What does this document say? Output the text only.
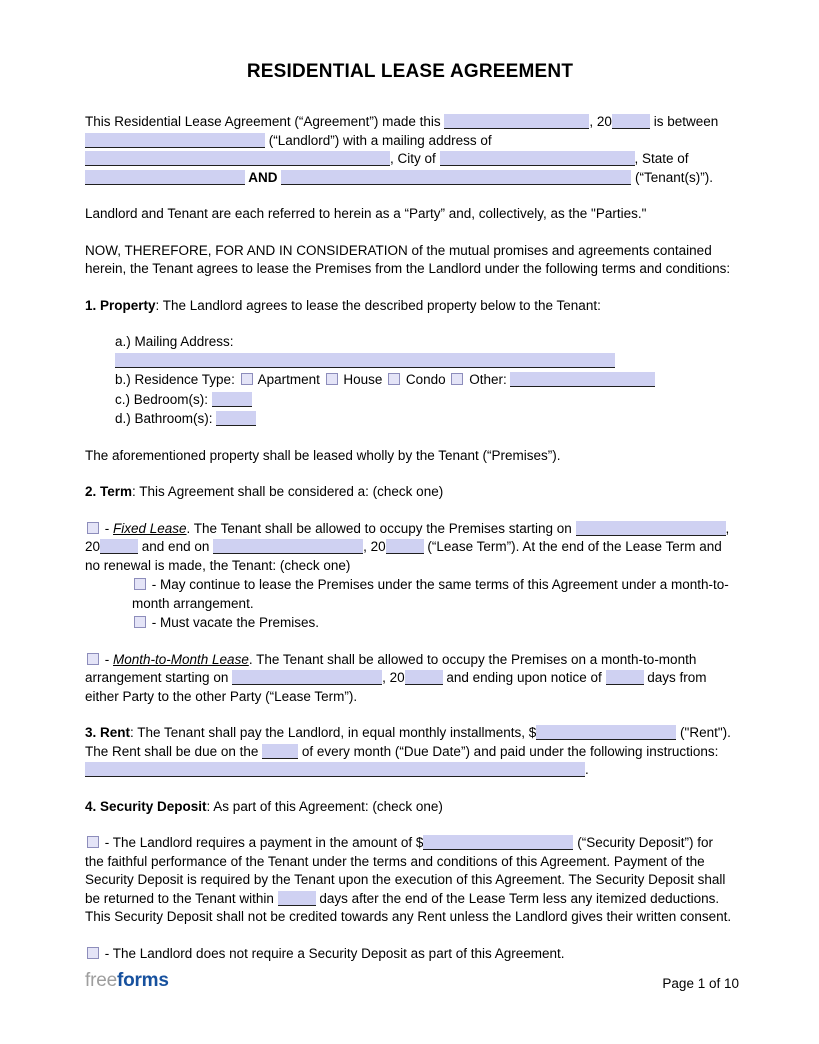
RESIDENTIAL LEASE AGREEMENT

This Residential Lease Agreement (“Agreement”) made this	, 20	is between  (“Landlord”) with a mailing address of , City of	, State of  AND	(“Tenant(s)”).

Landlord and Tenant are each referred to herein as a “Party” and, collectively, as the "Parties."

NOW, THEREFORE, FOR AND IN CONSIDERATION of the mutual promises and agreements contained herein, the Tenant agrees to lease the Premises from the Landlord under the following terms and conditions:

1. Property: The Landlord agrees to lease the described property below to the Tenant:

a.) Mailing Address:

b.) Residence Type:  Apartment  House  Condo  Other:

c.) Bedroom(s):

d.) Bathroom(s):

The aforementioned property shall be leased wholly by the Tenant (“Premises”).

2. Term: This Agreement shall be considered a: (check one)

- Fixed Lease. The Tenant shall be allowed to occupy the Premises starting on	, 20	and end on	, 20	(“Lease Term”). At the end of the Lease Term and no renewal is made, the Tenant: (check one)

- May continue to lease the Premises under the same terms of this Agreement under a month-to-month arrangement.

- Must vacate the Premises.

- Month-to-Month Lease. The Tenant shall be allowed to occupy the Premises on a month-to-month arrangement starting on	, 20	and ending upon notice of	days from either Party to the other Party (“Lease Term”).

3. Rent: The Tenant shall pay the Landlord, in equal monthly installments, $	("Rent"). The Rent shall be due on the	of every month (“Due Date”) and paid under the following instructions: .

4. Security Deposit: As part of this Agreement: (check one)

- The Landlord requires a payment in the amount of $	(“Security Deposit”) for the faithful performance of the Tenant under the terms and conditions of this Agreement. Payment of the Security Deposit is required by the Tenant upon the execution of this Agreement. The Security Deposit shall be returned to the Tenant within	days after the end of the Lease Term less any itemized deductions. This Security Deposit shall not be credited towards any Rent unless the Landlord gives their written consent.

- The Landlord does not require a Security Deposit as part of this Agreement.

freeforms	Page 1 of 10
